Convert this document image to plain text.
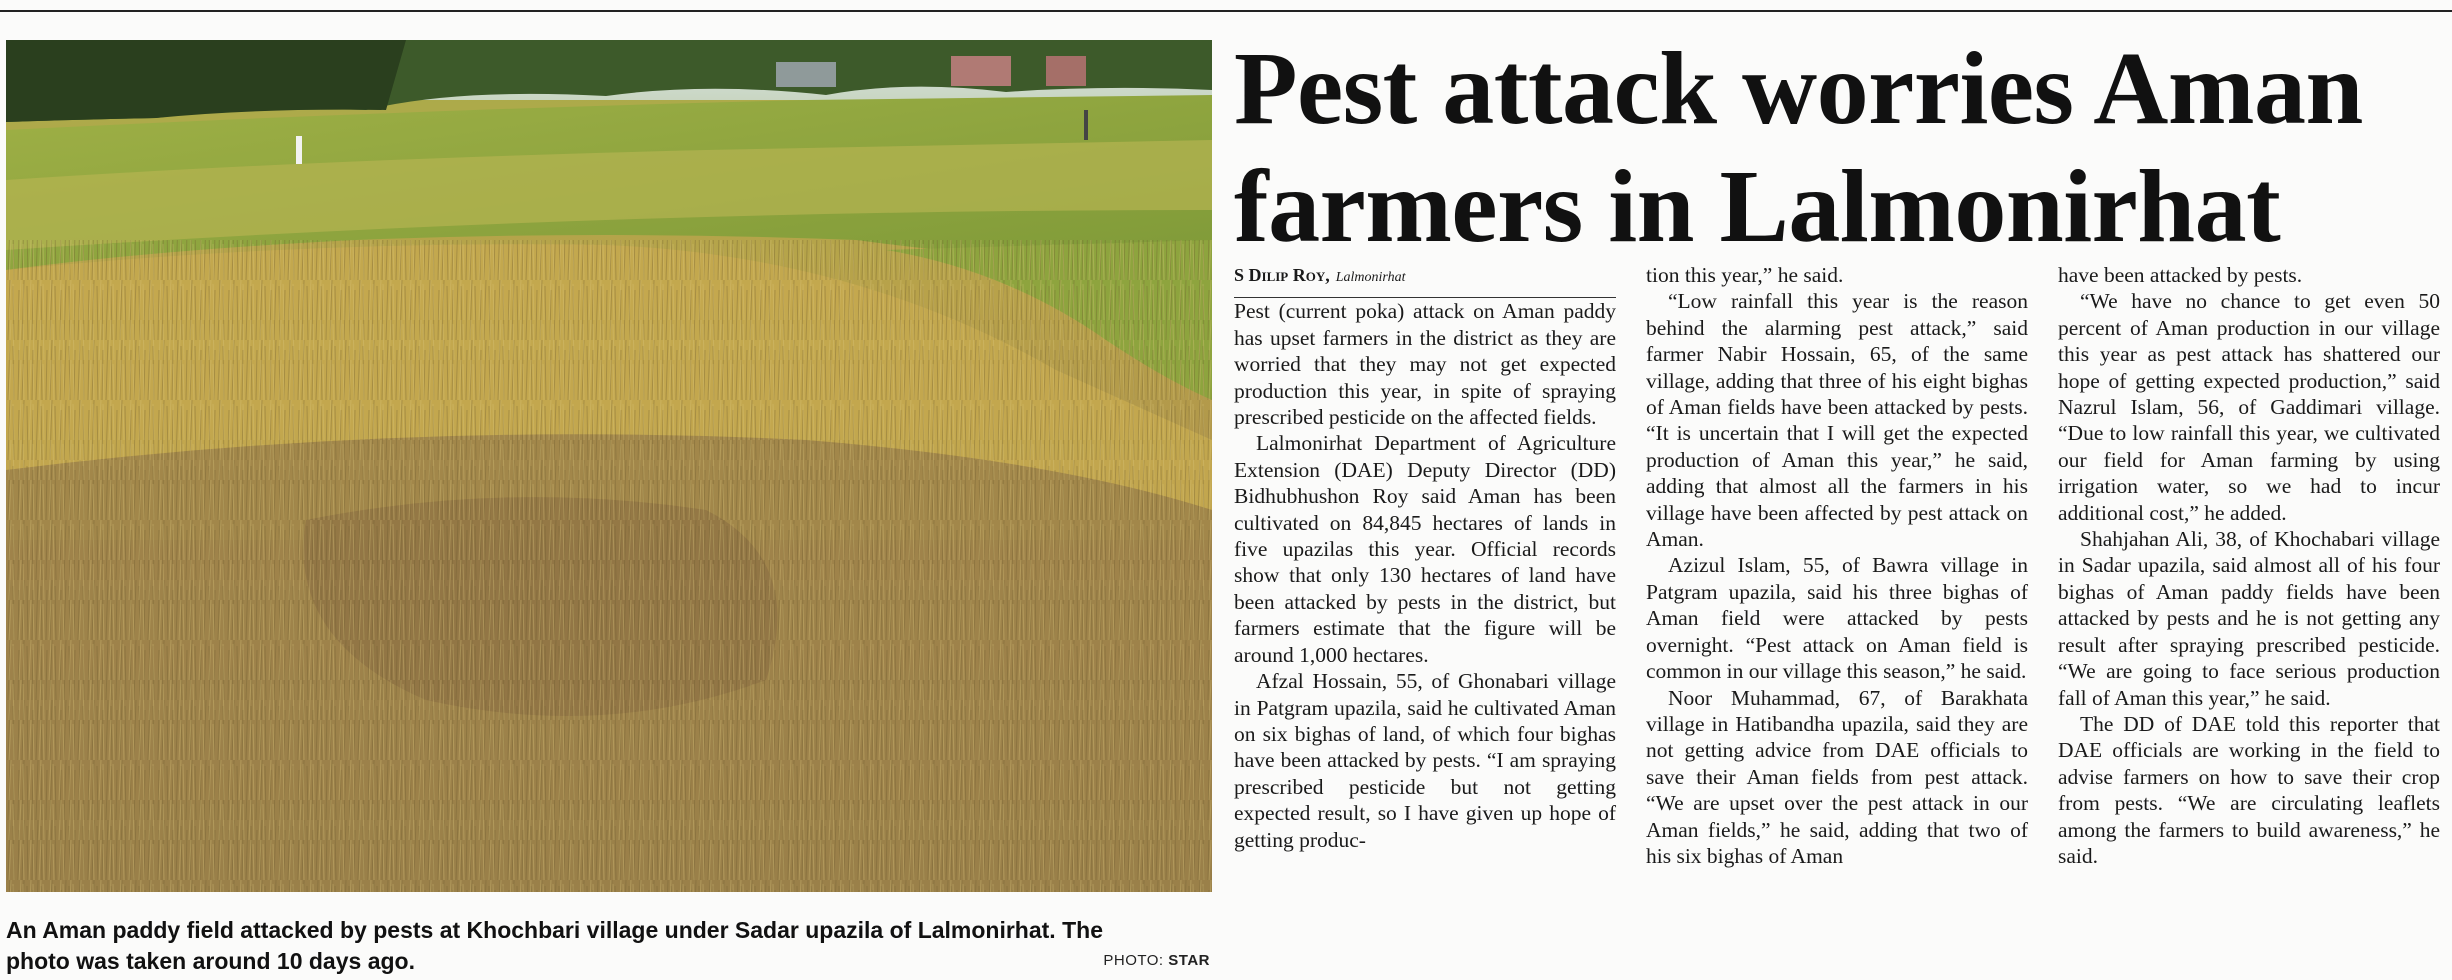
An Aman paddy field attacked by pests at Khochbari village under Sadar upazila of Lalmonirhat. The photo was taken around 10 days ago.	PHOTO: STAR
Pest attack worries Aman farmers in Lalmonirhat

S Dilip Roy, Lalmonirhat

Pest (current poka) attack on Aman paddy has upset farmers in the district as they are worried that they may not get expected production this year, in spite of spraying prescribed pesticide on the affected fields.

Lalmonirhat Department of Agriculture Extension (DAE) Deputy Director (DD) Bidhubhushon Roy said Aman has been cultivated on 84,845 hectares of lands in five upazilas this year. Official records show that only 130 hectares of land have been attacked by pests in the district, but farmers estimate that the figure will be around 1,000 hectares.

Afzal Hossain, 55, of Ghonabari village in Patgram upazila, said he cultivated Aman on six bighas of land, of which four bighas have been attacked by pests. “I am spraying prescribed pesticide but not getting expected result, so I have given up hope of getting produc-

tion this year,” he said.

“Low rainfall this year is the reason behind the alarming pest attack,” said farmer Nabir Hossain, 65, of the same village, adding that three of his eight bighas of Aman fields have been attacked by pests. “It is uncertain that I will get the expected production of Aman this year,” he said, adding that almost all the farmers in his village have been affected by pest attack on Aman.

Azizul Islam, 55, of Bawra village in Patgram upazila, said his three bighas of Aman field were attacked by pests overnight. “Pest attack on Aman field is common in our village this season,” he said.

Noor Muhammad, 67, of Barakhata village in Hatibandha upazila, said they are not getting advice from DAE officials to save their Aman fields from pest attack. “We are upset over the pest attack in our Aman fields,” he said, adding that two of his six bighas of Aman

have been attacked by pests.

“We have no chance to get even 50 percent of Aman production in our village this year as pest attack has shattered our hope of getting expected production,” said Nazrul Islam, 56, of Gaddimari village. “Due to low rainfall this year, we cultivated our field for Aman farming by using irrigation water, so we had to incur additional cost,” he added.

Shahjahan Ali, 38, of Khochabari village in Sadar upazila, said almost all of his four bighas of Aman paddy fields have been attacked by pests and he is not getting any result after spraying prescribed pesticide. “We are going to face serious production fall of Aman this year,” he said.

The DD of DAE told this reporter that DAE officials are working in the field to advise farmers on how to save their crop from pests. “We are circulating leaflets among the farmers to build awareness,” he said.
